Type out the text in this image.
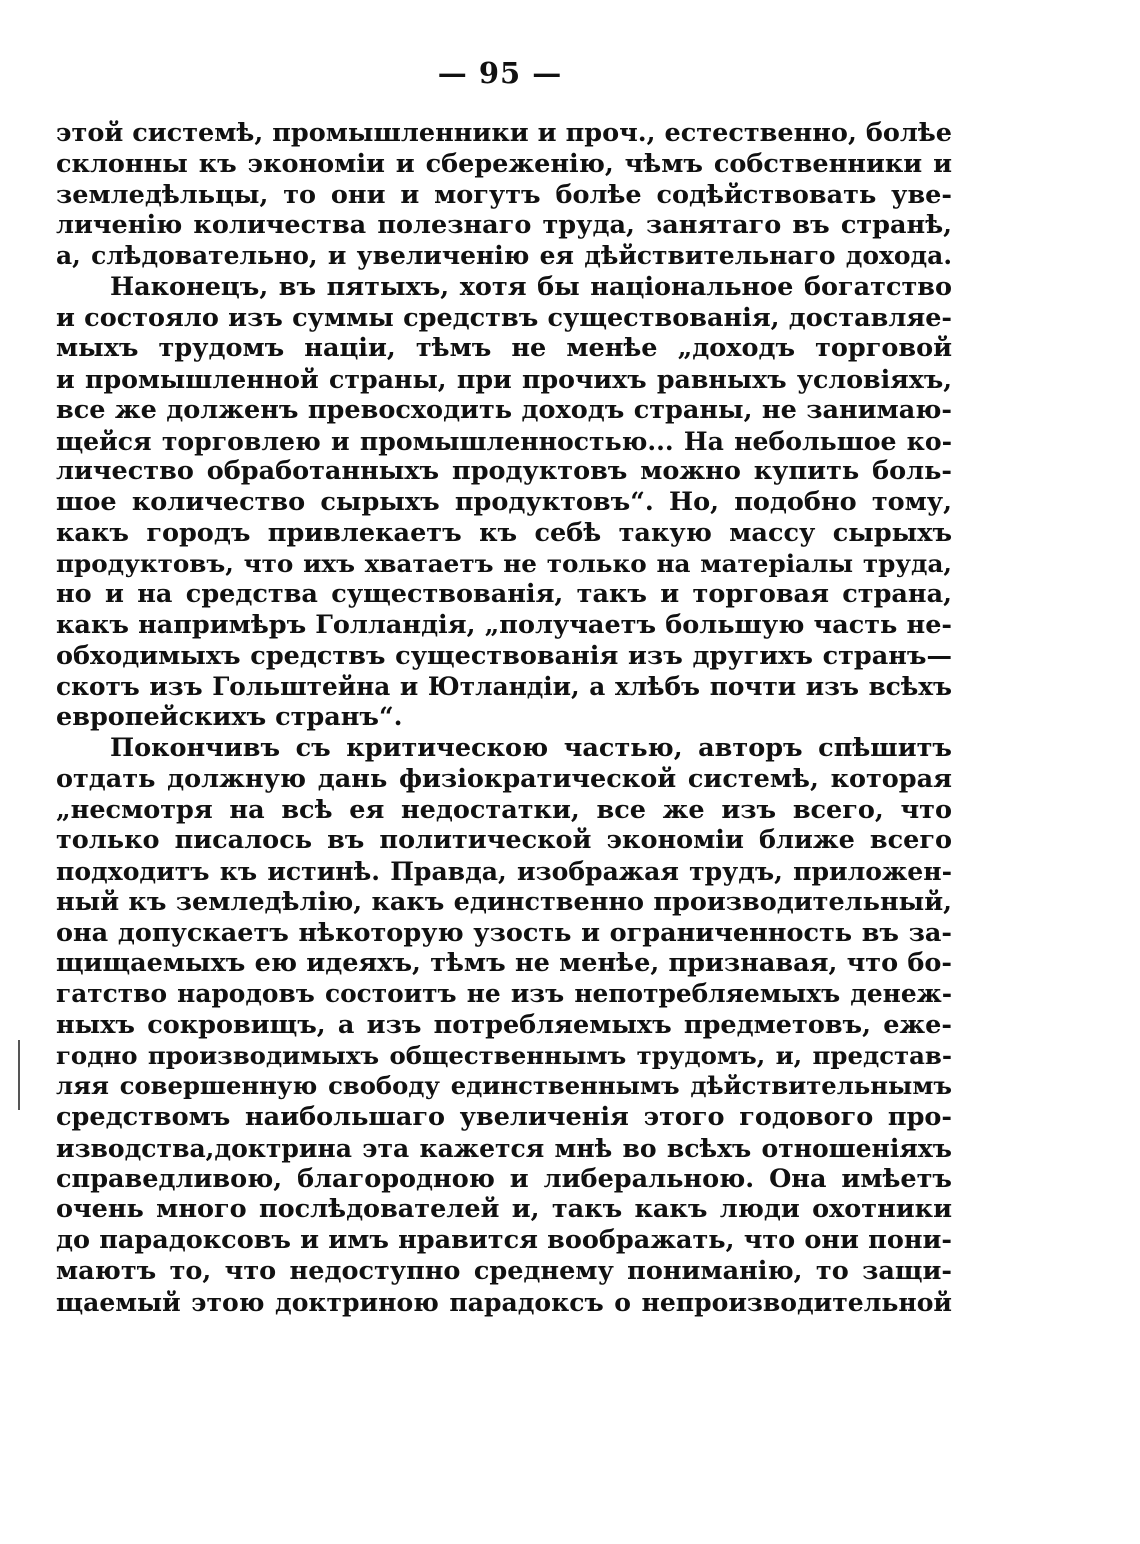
— 95 —
этой системѣ, промышленники и проч., естественно, болѣе
склонны къ экономіи и сбереженію, чѣмъ собственники и
земледѣльцы, то они и могутъ болѣе содѣйствовать уве-
личенію количества полезнаго труда, занятаго въ странѣ,
а, слѣдовательно, и увеличенію ея дѣйствительнаго дохода.
Наконецъ, въ пятыхъ, хотя бы національное богатство
и состояло изъ суммы средствъ существованія, доставляе-
мыхъ трудомъ націи, тѣмъ не менѣе „доходъ торговой
и промышленной страны, при прочихъ равныхъ условіяхъ,
все же долженъ превосходить доходъ страны, не занимаю-
щейся торговлею и промышленностью... На небольшое ко-
личество обработанныхъ продуктовъ можно купить боль-
шое количество сырыхъ продуктовъ“. Но, подобно тому,
какъ городъ привлекаетъ къ себѣ такую массу сырыхъ
продуктовъ, что ихъ хватаетъ не только на матеріалы труда,
но и на средства существованія, такъ и торговая страна,
какъ напримѣръ Голландія, „получаетъ большую часть не-
обходимыхъ средствъ существованія изъ другихъ странъ—
скотъ изъ Гольштейна и Ютландіи, а хлѣбъ почти изъ всѣхъ
европейскихъ странъ“.
Покончивъ съ критическою частью, авторъ спѣшитъ
отдать должную дань физіократической системѣ, которая
„несмотря на всѣ ея недостатки, все же изъ всего, что
только писалось въ политической экономіи ближе всего
подходитъ къ истинѣ. Правда, изображая трудъ, приложен-
ный къ земледѣлію, какъ единственно производительный,
она допускаетъ нѣкоторую узость и ограниченность въ за-
щищаемыхъ ею идеяхъ, тѣмъ не менѣе, признавая, что бо-
гатство народовъ состоитъ не изъ непотребляемыхъ денеж-
ныхъ сокровищъ, а изъ потребляемыхъ предметовъ, еже-
годно производимыхъ общественнымъ трудомъ, и, представ-
ляя совершенную свободу единственнымъ дѣйствительнымъ
средствомъ наибольшаго увеличенія этого годового про-
изводства,доктрина эта кажется мнѣ во всѣхъ отношеніяхъ
справедливою, благородною и либеральною. Она имѣетъ
очень много послѣдователей и, такъ какъ люди охотники
до парадоксовъ и имъ нравится воображать, что они пони-
маютъ то, что недоступно среднему пониманію, то защи-
щаемый этою доктриною парадоксъ о непроизводительной
